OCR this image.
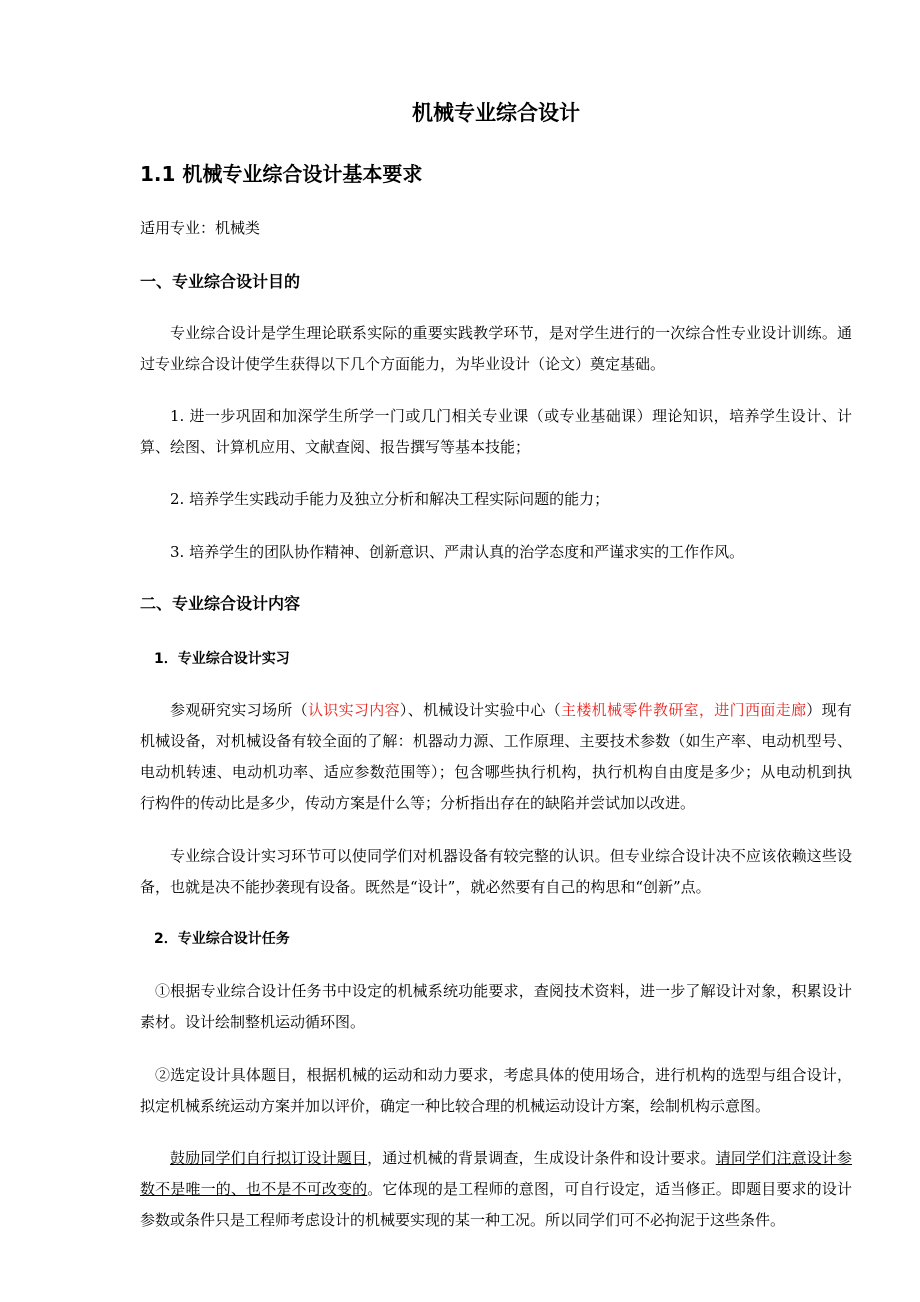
机械专业综合设计
1.1 机械专业综合设计基本要求
适用专业：机械类
一、专业综合设计目的
专业综合设计是学生理论联系实际的重要实践教学环节，是对学生进行的一次综合性专业设计训练。通过专业综合设计使学生获得以下几个方面能力，为毕业设计（论文）奠定基础。
1. 进一步巩固和加深学生所学一门或几门相关专业课（或专业基础课）理论知识，培养学生设计、计算、绘图、计算机应用、文献查阅、报告撰写等基本技能；
2. 培养学生实践动手能力及独立分析和解决工程实际问题的能力；
3. 培养学生的团队协作精神、创新意识、严肃认真的治学态度和严谨求实的工作作风。
二、专业综合设计内容
1．专业综合设计实习
参观研究实习场所（认识实习内容）、机械设计实验中心（主楼机械零件教研室，进门西面走廊）现有机械设备，对机械设备有较全面的了解：机器动力源、工作原理、主要技术参数（如生产率、电动机型号、电动机转速、电动机功率、适应参数范围等）；包含哪些执行机构，执行机构自由度是多少；从电动机到执行构件的传动比是多少，传动方案是什么等；分析指出存在的缺陷并尝试加以改进。
专业综合设计实习环节可以使同学们对机器设备有较完整的认识。但专业综合设计决不应该依赖这些设备，也就是决不能抄袭现有设备。既然是“设计”，就必然要有自己的构思和“创新”点。
2．专业综合设计任务
①根据专业综合设计任务书中设定的机械系统功能要求，查阅技术资料，进一步了解设计对象，积累设计素材。设计绘制整机运动循环图。
②选定设计具体题目，根据机械的运动和动力要求，考虑具体的使用场合，进行机构的选型与组合设计，拟定机械系统运动方案并加以评价，确定一种比较合理的机械运动设计方案，绘制机构示意图。
鼓励同学们自行拟订设计题目，通过机械的背景调查，生成设计条件和设计要求。请同学们注意设计参数不是唯一的、也不是不可改变的。它体现的是工程师的意图，可自行设定，适当修正。即题目要求的设计参数或条件只是工程师考虑设计的机械要实现的某一种工况。所以同学们可不必拘泥于这些条件。
